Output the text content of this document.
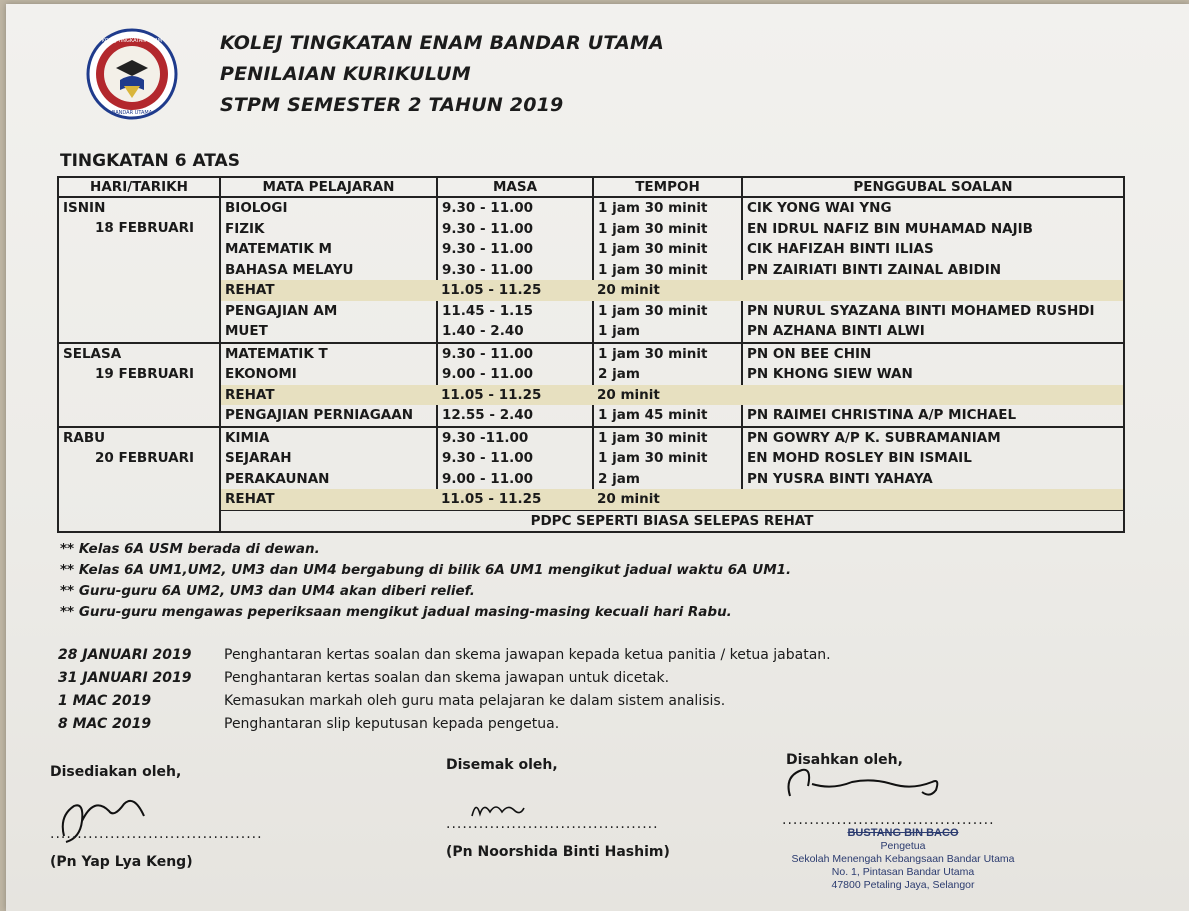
KOLEJ TINGKATAN ENAM
BANDAR UTAMA
KOLEJ TINGKATAN ENAM BANDAR UTAMA
PENILAIAN KURIKULUM
STPM SEMESTER 2 TAHUN 2019
TINGKATAN 6 ATAS
HARI/TARIKH	MATA PELAJARAN	MASA	TEMPOH	PENGGUBAL SOALAN
ISNIN
18 FEBRUARI	BIOLOGI	9.30 - 11.00	1 jam 30 minit	CIK YONG WAI YNG
	FIZIK	9.30 - 11.00	1 jam 30 minit	EN IDRUL NAFIZ BIN MUHAMAD NAJIB
	MATEMATIK M	9.30 - 11.00	1 jam 30 minit	CIK HAFIZAH BINTI ILIAS
	BAHASA MELAYU	9.30 - 11.00	1 jam 30 minit	PN ZAIRIATI BINTI ZAINAL ABIDIN
	REHAT	11.05 - 11.25	20 minit	
	PENGAJIAN AM	11.45 - 1.15	1 jam 30 minit	PN NURUL SYAZANA BINTI MOHAMED RUSHDI
	MUET	1.40 - 2.40	1 jam	PN AZHANA BINTI ALWI
SELASA
19 FEBRUARI	MATEMATIK T	9.30 - 11.00	1 jam 30 minit	PN ON BEE CHIN
	EKONOMI	9.00 - 11.00	2 jam	PN KHONG SIEW WAN
	REHAT	11.05 - 11.25	20 minit	
	PENGAJIAN PERNIAGAAN	12.55 - 2.40	1 jam 45 minit	PN RAIMEI CHRISTINA A/P MICHAEL
RABU
20 FEBRUARI	KIMIA	9.30 -11.00	1 jam 30 minit	PN GOWRY A/P K. SUBRAMANIAM
	SEJARAH	9.30 - 11.00	1 jam 30 minit	EN MOHD ROSLEY BIN ISMAIL
	PERAKAUNAN	9.00 - 11.00	2 jam	PN YUSRA BINTI YAHAYA
	REHAT	11.05 - 11.25	20 minit	
	PDPC SEPERTI BIASA SELEPAS REHAT			
** Kelas 6A USM berada di dewan.
** Kelas 6A UM1,UM2, UM3 dan UM4 bergabung di bilik 6A UM1 mengikut jadual waktu 6A UM1.
** Guru-guru 6A UM2, UM3 dan UM4 akan diberi relief.
** Guru-guru mengawas peperiksaan mengikut jadual masing-masing kecuali hari Rabu.
28 JANUARI 2019	Penghantaran kertas soalan dan skema jawapan kepada ketua panitia / ketua jabatan.
31 JANUARI 2019	Penghantaran kertas soalan dan skema jawapan untuk dicetak.
1 MAC 2019	Kemasukan markah oleh guru mata pelajaran ke dalam sistem analisis.
8 MAC 2019	Penghantaran slip keputusan kepada pengetua.
Disediakan oleh,
.......................................
(Pn Yap Lya Keng)
Disemak oleh,
.......................................
(Pn Noorshida Binti Hashim)
Disahkan oleh,
.......................................
BUSTANG BIN BACO
Pengetua
Sekolah Menengah Kebangsaan Bandar Utama
No. 1, Pintasan Bandar Utama
47800 Petaling Jaya, Selangor
